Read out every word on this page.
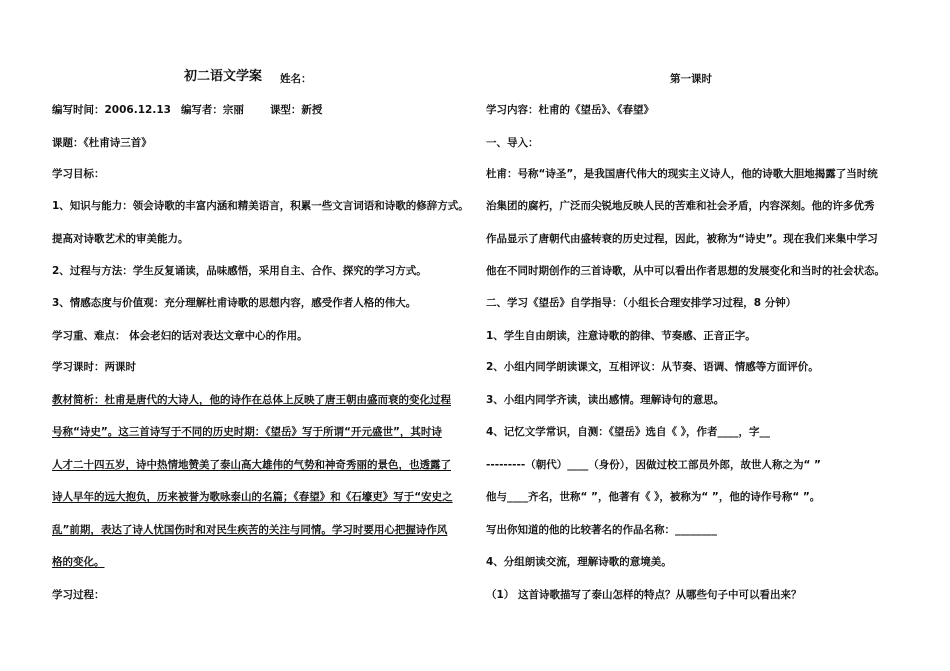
初二语文学案 姓名：
编写时间：2006.12.13 编写者：宗丽 课型：新授
课题：《杜甫诗三首》
学习目标：
1、知识与能力：领会诗歌的丰富内涵和精美语言，积累一些文言词语和诗歌的修辞方式。
提高对诗歌艺术的审美能力。
2、过程与方法：学生反复诵读，品味感悟，采用自主、合作、探究的学习方式。
3、情感态度与价值观：充分理解杜甫诗歌的思想内容，感受作者人格的伟大。
学习重、难点： 体会老妇的话对表达文章中心的作用。
学习课时：两课时
教材简析：杜甫是唐代的大诗人，他的诗作在总体上反映了唐王朝由盛而衰的变化过程
号称“诗史”。这三首诗写于不同的历史时期：《望岳》写于所谓“开元盛世”，其时诗
人才二十四五岁，诗中热情地赞美了泰山高大雄伟的气势和神奇秀丽的景色，也透露了
诗人早年的远大抱负，历来被誉为歌咏泰山的名篇；《春望》和《石壕吏》写于“安史之
乱”前期，表达了诗人忧国伤时和对民生疾苦的关注与同情。学习时要用心把握诗作风
格的变化。
学习过程：
第一课时
学习内容：杜甫的《望岳》、《春望》
一、导入：
杜甫：号称“诗圣”，是我国唐代伟大的现实主义诗人，他的诗歌大胆地揭露了当时统
治集团的腐朽，广泛而尖锐地反映人民的苦难和社会矛盾，内容深刻。他的许多优秀
作品显示了唐朝代由盛转衰的历史过程，因此，被称为“诗史”。现在我们来集中学习
他在不同时期创作的三首诗歌，从中可以看出作者思想的发展变化和当时的社会状态。
二、学习《望岳》自学指导：（小组长合理安排学习过程，8 分钟）
1、学生自由朗读，注意诗歌的韵律、节奏感、正音正字。
2、小组内同学朗读课文，互相评议：从节奏、语调、情感等方面评价。
3、小组内同学齐读，读出感情。理解诗句的意思。
4、记忆文学常识，自测：《望岳》选自《 》，作者____，字__
---------（朝代）____（身份），因做过校工部员外郎，故世人称之为“ ”
他与____齐名，世称“ ”，他著有《 》，被称为“ ”，他的诗作号称“ ”。
写出你知道的他的比较著名的作品名称：________
4、分组朗读交流，理解诗歌的意境美。
（1） 这首诗歌描写了泰山怎样的特点？从哪些句子中可以看出来？
